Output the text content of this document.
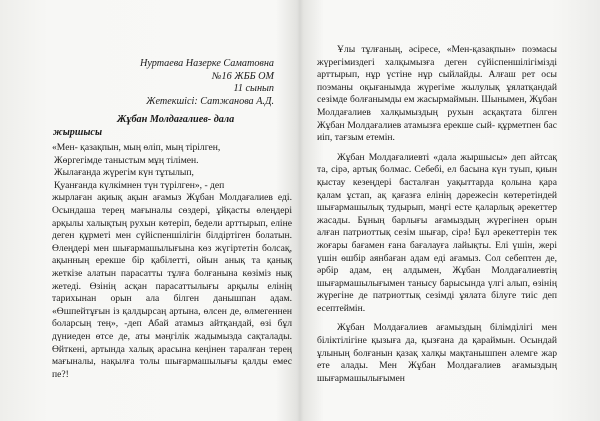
Нуртаева Назерке Саматовна
№16 ЖББ ОМ
11 сынып
Жетекшісі: Сатжанова А.Д.
Жұбан Молдағалиев- дала
жыршысы
«Мен- қазақпын, мың өліп, мың тірілген,
Жөргегімде таныстым мұң тілімен.
Жылағанда жүрегім күн тұтылып,
Қуанғанда күлкімнен түн түрілген», - деп
жырлаған ақиық ақын ағамыз Жұбан Молдағалиев еді. Осындаша терең мағыналы сөздері, ұйқасты өлеңдері арқылы халықтың рухын көтеріп, бедели арттырып, еліне деген құрметі мен сүйіспеншілігін білдіртіген болатын. Өлеңдері мен шығармашылығына көз жүгіртетін болсақ, ақынның ерекше бір қабілетті, ойын анық та қанық жеткізе алатын парасатты тұлға болғанына көзіміз нық жетеді. Өзінің асқан парасаттылығы арқылы елінің тарихынан орын ала білген данышпан адам. «Өшпейтұғын із қалдырсаң артына, өлсен де, өлмегеннен боларсың тең», -деп Абай атамыз айтқандай, өзі бұл дүниеден өтсе де, аты мәңгілік жадымызда сақталады. Өйткені, артында халық арасына кеңінен таралған терең мағыналы, нақылға толы шығармашылығы қалды емес пе?!

Ұлы тұлғаның, әсіресе, «Мен-қазақпын» поэмасы жүрегімиздегі халқымызға деген сүйіспеншілігімізді арттырып, нұр үстіне нұр сыйлайды. Алғаш рет осы поэманы оқығанымда жүрегіме жылулық ұялатқандай сезімде болғанымды ем жасырмаймын. Шынымен, Жұбан Молдағалиев халқымыздың рухын асқақтата білген Жұбан Молдағалиев атамызға ерекше сый- құрметпен бас иіп, тағзым етемін.

Жұбан Молдағалиевті «дала жыршысы» деп айтсақ та, сірә, артық болмас. Себебі, ел басына күн туып, қиын қыстау кезеңдері басталған уақыттарда қолына қара қалам ұстап, ақ қағазға елінің дәрежесін көтеретіндей шығармашылық тудырып, мәңгі есте қаларлық әрекеттер жасады. Бұның барлығы ағамыздың жүрегінен орын алған патриоттық сезім шығар, сірә! Бұл әрекеттерін тек жоғары бағамен ғана бағалауға лайықты. Елі үшін, жері үшін өшбір аянбаған адам еді ағамыз. Сол себептен де, әрбір адам, ең алдымен, Жұбан Молдағалиевтің шығармашылығымен танысу барысында үлгі алып, өзінің жүрегіне де патриоттық сезімді ұялата білуге тиіс деп есептеймін.

Жұбан Молдағалиев ағамыздың білімділігі мен біліктілігіне қызыға да, қызғана да қараймын. Осындай ұлының болғанын қазақ халқы мақтанышпен әлемге жар ете алады. Мен Жұбан Молдағалиев ағамыздың шығармашылығымен
